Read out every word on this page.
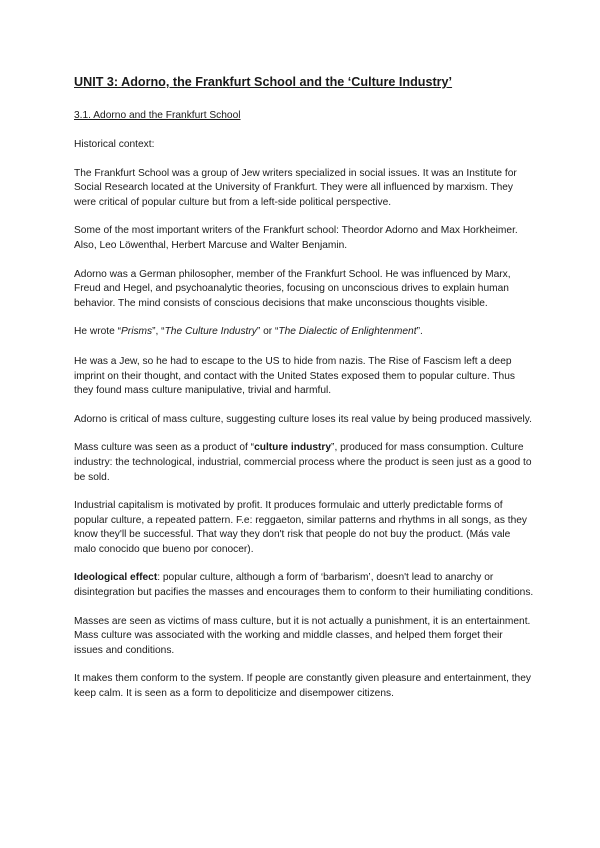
UNIT 3: Adorno, the Frankfurt School and the ‘Culture Industry’
3.1. Adorno and the Frankfurt School

Historical context:

The Frankfurt School was a group of Jew writers specialized in social issues. It was an Institute for Social Research located at the University of Frankfurt. They were all influenced by marxism. They were critical of popular culture but from a left-side political perspective.

Some of the most important writers of the Frankfurt school: Theordor Adorno and Max Horkheimer. Also, Leo Löwenthal, Herbert Marcuse and Walter Benjamin.

Adorno was a German philosopher, member of the Frankfurt School. He was influenced by Marx, Freud and Hegel, and psychoanalytic theories, focusing on unconscious drives to explain human behavior. The mind consists of conscious decisions that make unconscious thoughts visible.

He wrote “Prisms”, “The Culture Industry” or “The Dialectic of Enlightenment”.

He was a Jew, so he had to escape to the US to hide from nazis. The Rise of Fascism left a deep imprint on their thought, and contact with the United States exposed them to popular culture. Thus they found mass culture manipulative, trivial and harmful.

Adorno is critical of mass culture, suggesting culture loses its real value by being produced massively.

Mass culture was seen as a product of “culture industry”, produced for mass consumption. Culture industry: the technological, industrial, commercial process where the product is seen just as a good to be sold.

Industrial capitalism is motivated by profit. It produces formulaic and utterly predictable forms of popular culture, a repeated pattern. F.e: reggaeton, similar patterns and rhythms in all songs, as they know they'll be successful. That way they don't risk that people do not buy the product. (Más vale malo conocido que bueno por conocer).

Ideological effect: popular culture, although a form of ‘barbarism’, doesn't lead to anarchy or disintegration but pacifies the masses and encourages them to conform to their humiliating conditions.

Masses are seen as victims of mass culture, but it is not actually a punishment, it is an entertainment. Mass culture was associated with the working and middle classes, and helped them forget their issues and conditions.

It makes them conform to the system. If people are constantly given pleasure and entertainment, they keep calm. It is seen as a form to depoliticize and disempower citizens.
